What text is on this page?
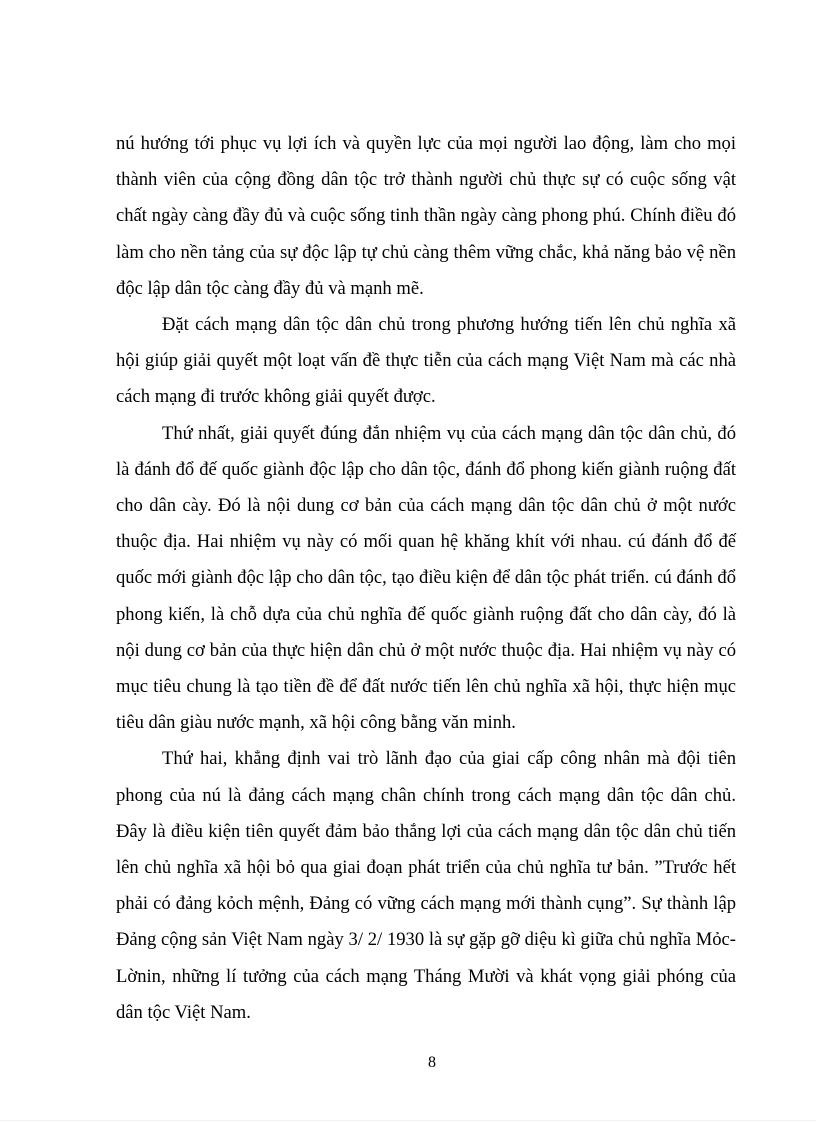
nú hướng tới phục vụ lợi ích và quyền lực của mọi người lao động, làm cho mọi thành viên của cộng đồng dân tộc trở thành người chủ thực sự có cuộc sống vật chất ngày càng đầy đủ và cuộc sống tinh thần ngày càng phong phú. Chính điều đó làm cho nền tảng của sự độc lập tự chủ càng thêm vững chắc, khả năng bảo vệ nền độc lập dân tộc càng đầy đủ và mạnh mẽ.

Đặt cách mạng dân tộc dân chủ trong phương hướng tiến lên chủ nghĩa xã hội giúp giải quyết một loạt vấn đề thực tiễn của cách mạng Việt Nam mà các nhà cách mạng đi trước không giải quyết được.

Thứ nhất, giải quyết đúng đắn nhiệm vụ của cách mạng dân tộc dân chủ, đó là đánh đổ đế quốc giành độc lập cho dân tộc, đánh đổ phong kiến giành ruộng đất cho dân cày. Đó là nội dung cơ bản của cách mạng dân tộc dân chủ ở một nước thuộc địa. Hai nhiệm vụ này có mối quan hệ khăng khít với nhau. cú đánh đổ đế quốc mới giành độc lập cho dân tộc, tạo điều kiện để dân tộc phát triển. cú đánh đổ phong kiến, là chỗ dựa của chủ nghĩa đế quốc giành ruộng đất cho dân cày, đó là nội dung cơ bản của thực hiện dân chủ ở một nước thuộc địa. Hai nhiệm vụ này có mục tiêu chung là tạo tiền đề để đất nước tiến lên chủ nghĩa xã hội, thực hiện mục tiêu dân giàu nước mạnh, xã hội công bằng văn minh.

Thứ hai, khẳng định vai trò lãnh đạo của giai cấp công nhân mà đội tiên phong của nú là đảng cách mạng chân chính trong cách mạng dân tộc dân chủ. Đây là điều kiện tiên quyết đảm bảo thắng lợi của cách mạng dân tộc dân chủ tiến lên chủ nghĩa xã hội bỏ qua giai đoạn phát triển của chủ nghĩa tư bản. ”Trước hết phải có đảng kỏch mệnh, Đảng có vững cách mạng mới thành cụng”. Sự thành lập Đảng cộng sản Việt Nam ngày 3/ 2/ 1930 là sự gặp gỡ diệu kì giữa chủ nghĩa Mỏc-Lờnin, những lí tưởng của cách mạng Tháng Mười và khát vọng giải phóng của dân tộc Việt Nam.

8
